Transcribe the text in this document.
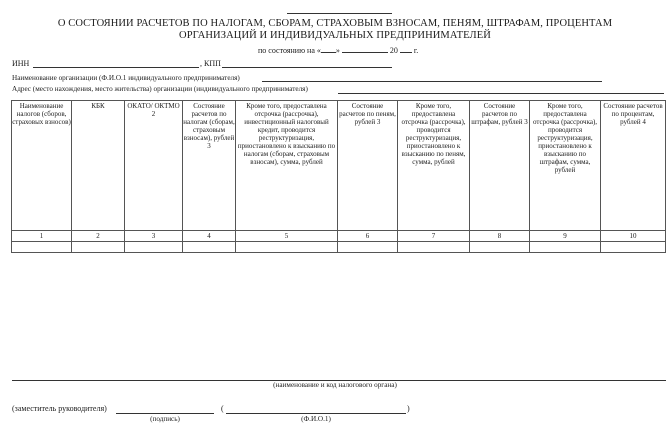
О СОСТОЯНИИ РАСЧЕТОВ ПО НАЛОГАМ, СБОРАМ, СТРАХОВЫМ ВЗНОСАМ, ПЕНЯМ, ШТРАФАМ, ПРОЦЕНТАМ
ОРГАНИЗАЦИЙ И ИНДИВИДУАЛЬНЫХ ПРЕДПРИНИМАТЕЛЕЙ
по состоянию на « »	20 г.
ИНН	, КПП
Наименование организации (Ф.И.О.1 индивидуального предпринимателя)
Адрес (место нахождения, место жительства) организации (индивидуального предпринимателя)
Наименование налогов (сборов, страховых взносов)	КБК	ОКАТО/ ОКТМО 2	Состояние расчетов по налогам (сборам, страховым взносам), рублей 3	Кроме того, предоставлена отсрочка (рассрочка), инвестиционный налоговый кредит, проводится реструктуризация, приостановлено к взысканию по налогам (сборам, страховым взносам), сумма, рублей	Состояние расчетов по пеням, рублей 3	Кроме того, предоставлена отсрочка (рассрочка), проводится реструктуризация, приостановлено к взысканию по пеням, сумма, рублей	Состояние расчетов по штрафам, рублей 3	Кроме того, предоставлена отсрочка (рассрочка), проводится реструктуризация, приостановлено к взысканию по штрафам, сумма, рублей	Состояние расчетов по процентам, рублей 4
1	2	3	4	5	6	7	8	9	10

(наименование и код налогового органа)
(заместитель руководителя)	(	)
(подпись)	(Ф.И.О.1)
